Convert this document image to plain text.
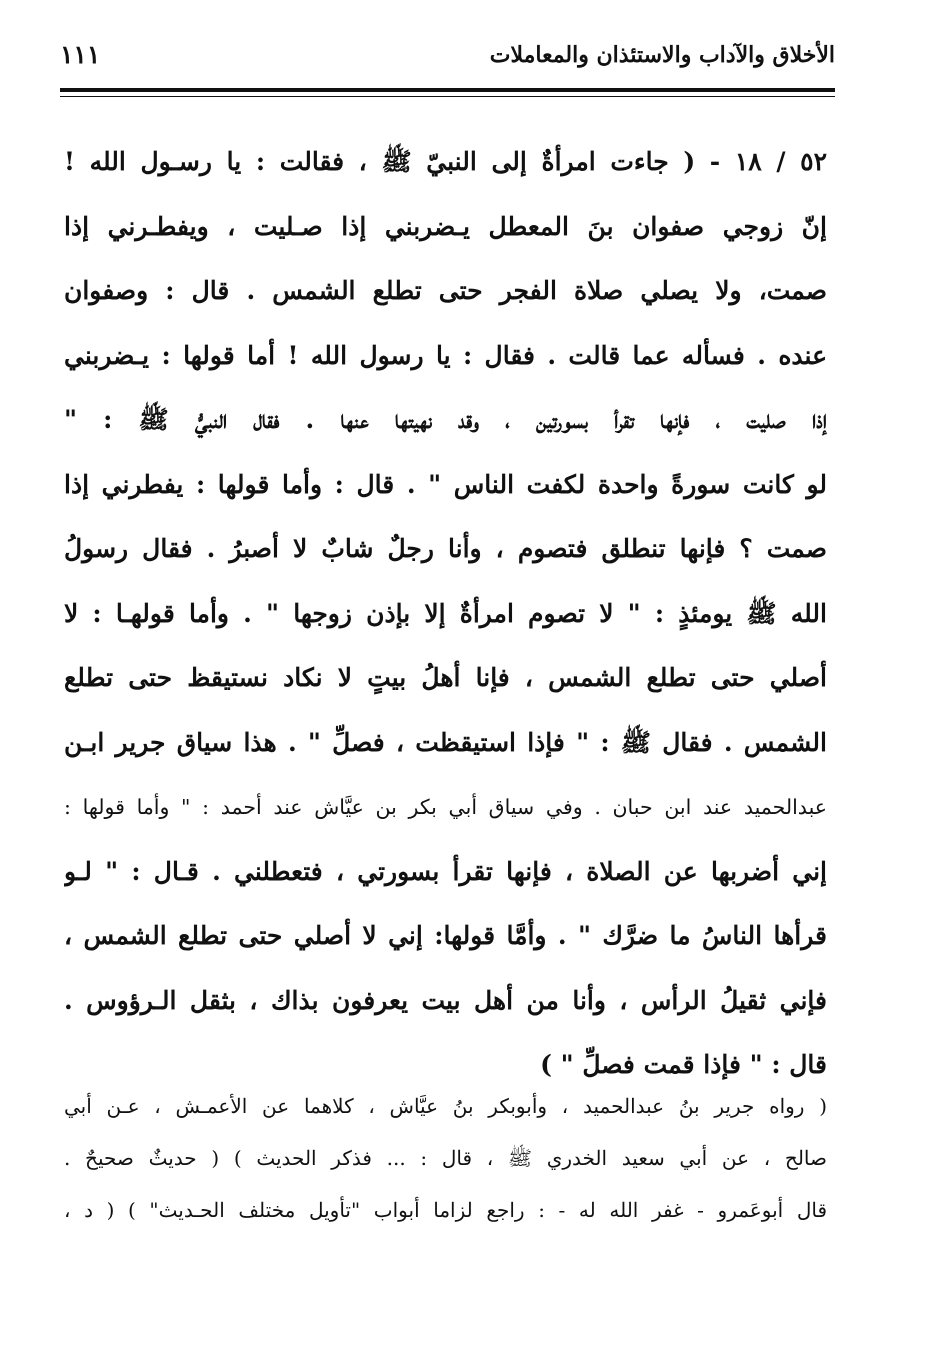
الأخلاق والآداب والاستئذان والمعاملات
١١١
٥٢ / ١٨ - ( جاءت امرأةٌ إلى النبيّ ﷺ ، فقالت : يا رسـول الله !
إنّ زوجي صفوان بنَ المعطل يـضربني إذا صـليت ، ويفطـرني إذا
صمت، ولا يصلي صلاة الفجر حتى تطلع الشمس . قال : وصفوان
عنده . فسأله عما قالت . فقال : يا رسول الله ! أما قولها : يـضربني
إذا صليت ، فإنها تقرأ بسورتين ، وقد نهيتها عنها . فقال النبيُّ ﷺ : "
لو كانت سورةً واحدة لكفت الناس " . قال : وأما قولها : يفطرني إذا
صمت ؟ فإنها تنطلق فتصوم ، وأنا رجلٌ شابٌ لا أصبرُ . فقال رسولُ
الله ﷺ يومئذٍ : " لا تصوم امرأةٌ إلا بإذن زوجها " . وأما قولهـا : لا
أصلي حتى تطلع الشمس ، فإنا أهلُ بيتٍ لا نكاد نستيقظ حتى تطلع
الشمس . فقال ﷺ : " فإذا استيقظت ، فصلِّ " . هذا سياق جرير ابـن
عبدالحميد عند ابن حبان . وفي سياق أبي بكر بن عيَّاش عند أحمد : " وأما قولها :
إني أضربها عن الصلاة ، فإنها تقرأ بسورتي ، فتعطلني . قـال : " لـو
قرأها الناسُ ما ضرَّك " . وأمَّا قولها: إني لا أصلي حتى تطلع الشمس ،
فإني ثقيلُ الرأس ، وأنا من أهل بيت يعرفون بذاك ، بثقل الـرؤوس .
قال : " فإذا قمت فصلِّ " )
( رواه جرير بنُ عبدالحميد ، وأبوبكر بنُ عيَّاش ، كلاهما عن الأعمـش ، عـن أبي
صالح ، عن أبي سعيد الخدري ﷺ ، قال : ... فذكر الحديث ) ( حديثٌ صحيحٌ .
قال أبوعَمرو - غفر الله له - : راجع لزاما أبواب "تأويل مختلف الحـديث" ) ( د ،
